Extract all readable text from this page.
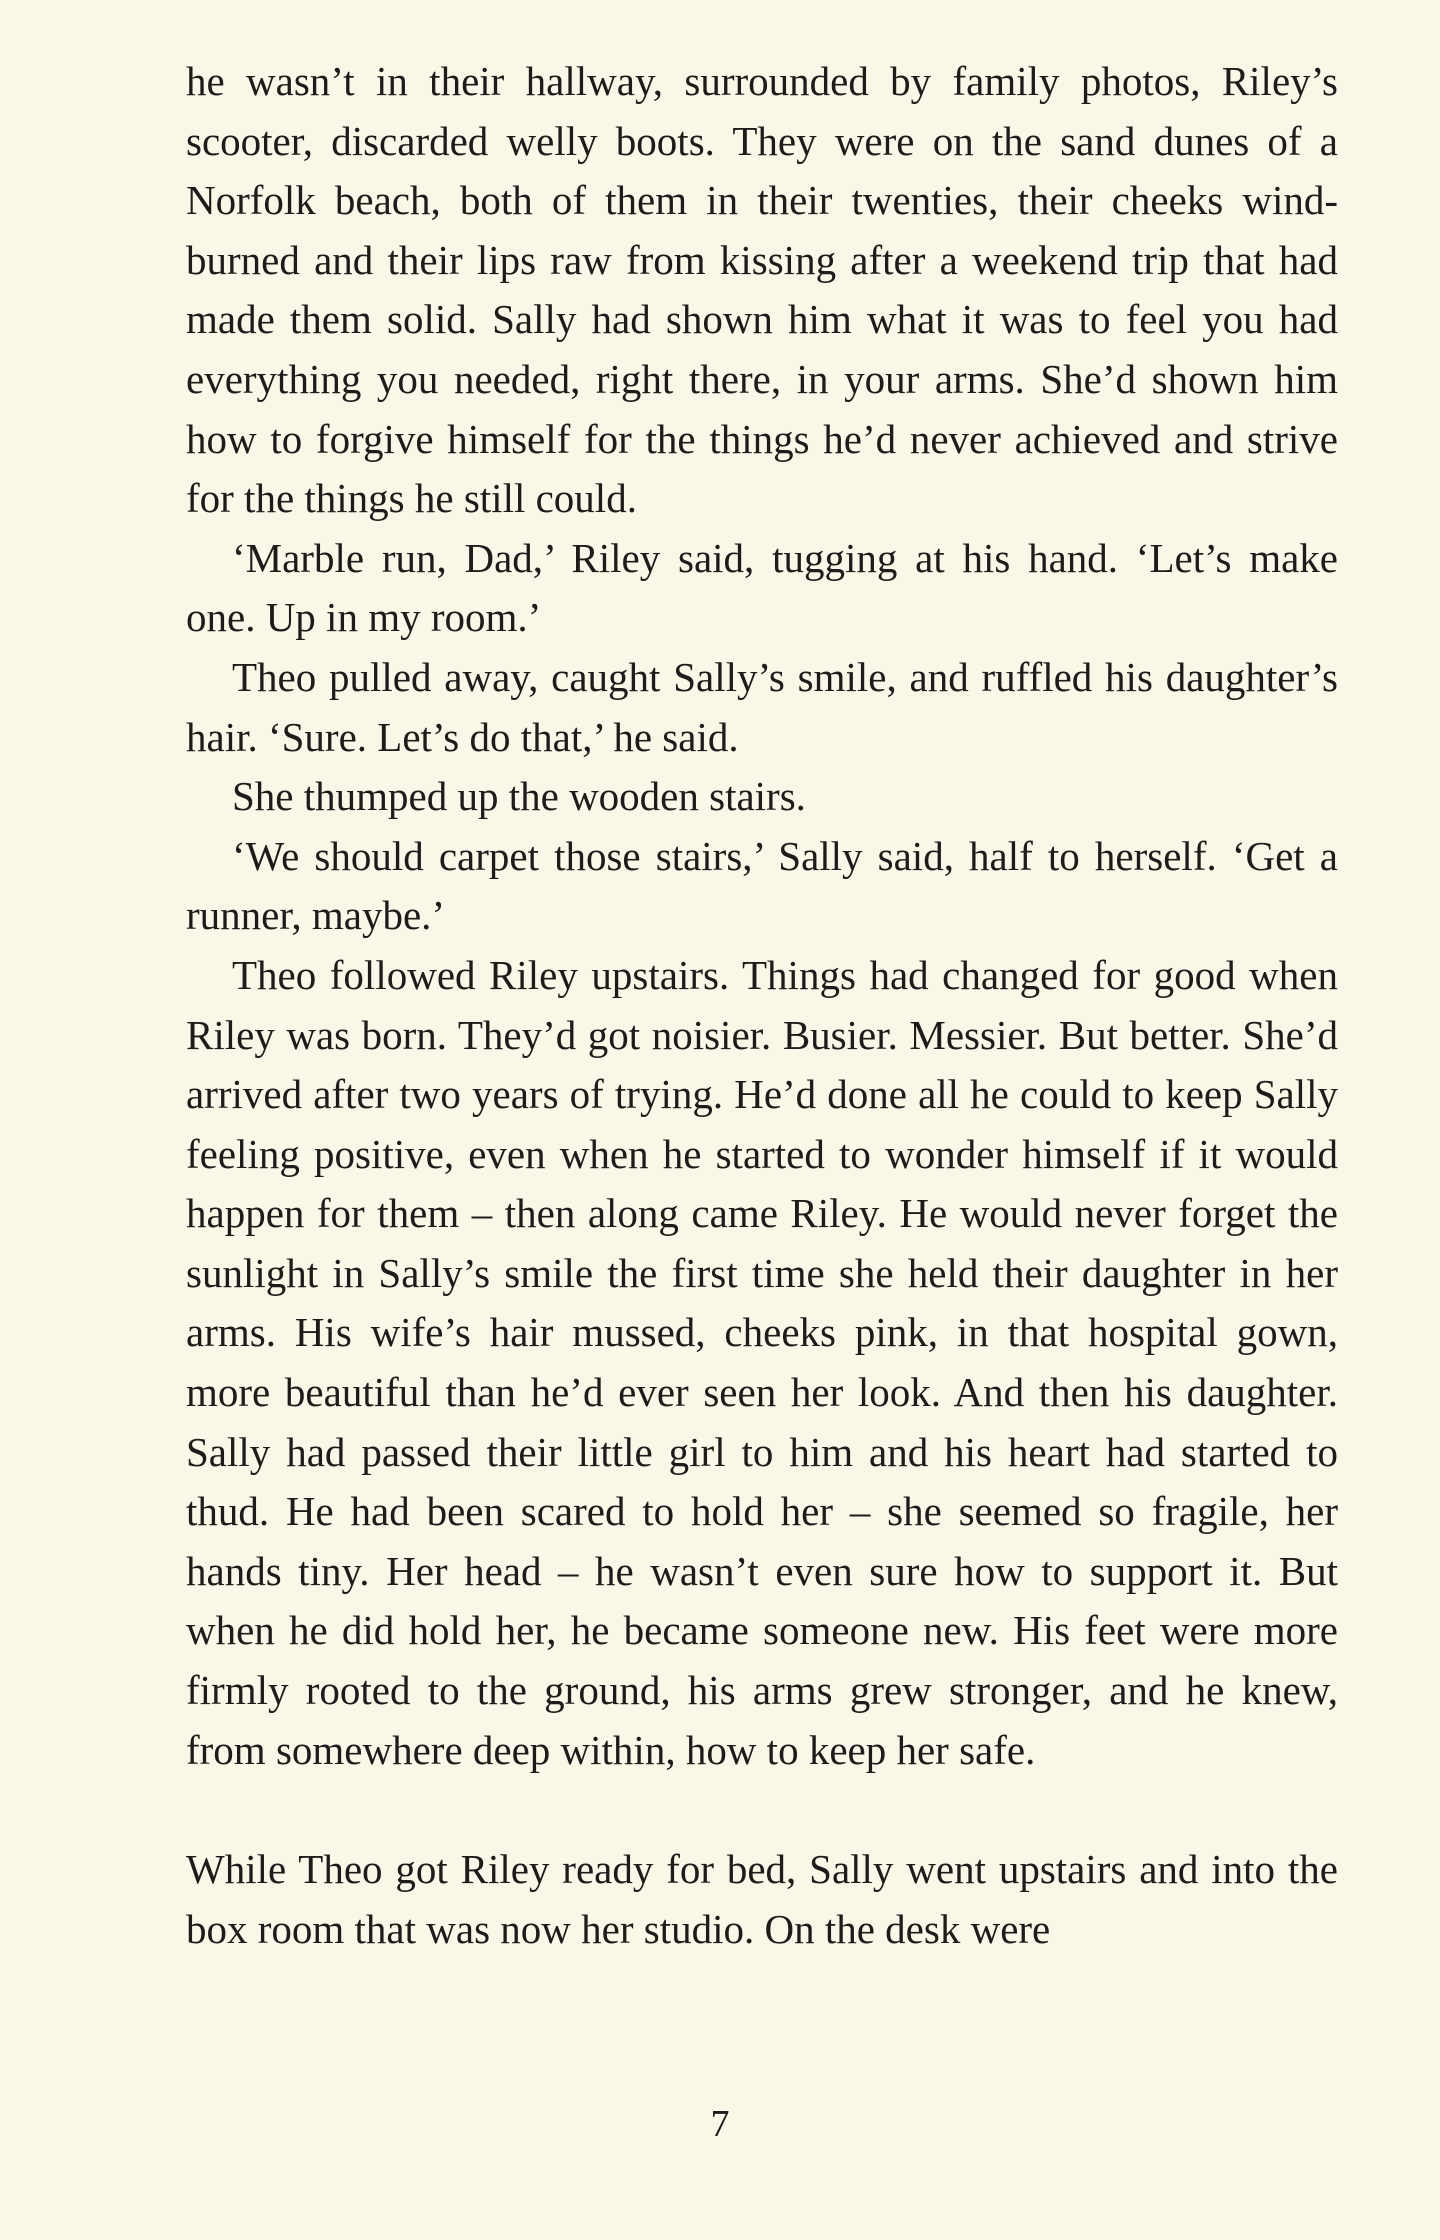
he wasn’t in their hallway, surrounded by family photos, Riley’s scooter, discarded welly boots. They were on the sand dunes of a Norfolk beach, both of them in their twenties, their cheeks wind-burned and their lips raw from kissing after a weekend trip that had made them solid. Sally had shown him what it was to feel you had everything you needed, right there, in your arms. She’d shown him how to forgive himself for the things he’d never achieved and strive for the things he still could.

‘Marble run, Dad,’ Riley said, tugging at his hand. ‘Let’s make one. Up in my room.’

Theo pulled away, caught Sally’s smile, and ruffled his daughter’s hair. ‘Sure. Let’s do that,’ he said.

She thumped up the wooden stairs.

‘We should carpet those stairs,’ Sally said, half to herself. ‘Get a runner, maybe.’

Theo followed Riley upstairs. Things had changed for good when Riley was born. They’d got noisier. Busier. Messier. But better. She’d arrived after two years of trying. He’d done all he could to keep Sally feeling positive, even when he started to wonder himself if it would happen for them – then along came Riley. He would never forget the sunlight in Sally’s smile the first time she held their daughter in her arms. His wife’s hair mussed, cheeks pink, in that hospital gown, more beautiful than he’d ever seen her look. And then his daughter. Sally had passed their little girl to him and his heart had started to thud. He had been scared to hold her – she seemed so fragile, her hands tiny. Her head – he wasn’t even sure how to support it. But when he did hold her, he became someone new. His feet were more firmly rooted to the ground, his arms grew stronger, and he knew, from somewhere deep within, how to keep her safe.

While Theo got Riley ready for bed, Sally went upstairs and into the box room that was now her studio. On the desk were

7
